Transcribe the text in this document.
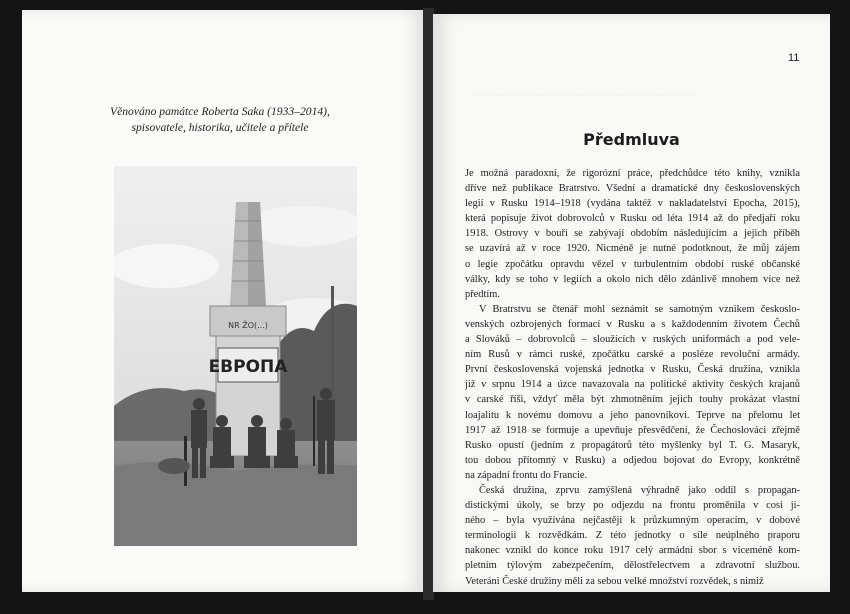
..........................................................................................
Věnováno památce Roberta Saka (1933–2014),
spisovatele, historika, učitele a přítele
ЕВРОПА
NR ŽO(...)
11
Předmluva
Je možná paradoxní, že rigorózní práce, předchůdce této knihy, vznikla
dříve než publikace Bratrstvo. Všední a dramatické dny československých
legií v Rusku 1914–1918 (vydána taktéž v nakladatelství Epocha, 2015),
která popisuje život dobrovolců v Rusku od léta 1914 až do předjaří roku
1918. Ostrovy v bouři se zabývají obdobím následujícím a jejich příběh
se uzavírá až v roce 1920. Nicméně je nutné podotknout, že můj zájem
o legie zpočátku opravdu vězel v turbulentním období ruské občanské
války, kdy se toho v legiích a okolo nich dělo zdánlivě mnohem více než
předtím.
V Bratrstvu se čtenář mohl seznámit se samotným vznikem českoslo-
venských ozbrojených formací v Rusku a s každodenním životem Čechů
a Slováků – dobrovolců – sloužících v ruských uniformách a pod vele-
ním Rusů v rámci ruské, zpočátku carské a posléze revoluční armády.
První československá vojenská jednotka v Rusku, Česká družina, vznikla
již v srpnu 1914 a úzce navazovala na politické aktivity českých krajanů
v carské říši, vždyť měla být zhmotněním jejich touhy prokázat vlastní
loajalitu k novému domovu a jeho panovníkovi. Teprve na přelomu let
1917 až 1918 se formuje a upevňuje přesvědčení, že Čechoslováci zřejmě
Rusko opustí (jedním z propagátorů této myšlenky byl T. G. Masaryk,
tou dobou přítomný v Rusku) a odjedou bojovat do Evropy, konkrétně
na západní frontu do Francie.
Česká družina, zprvu zamýšlená výhradně jako oddíl s propagan-
distickými úkoly, se brzy po odjezdu na frontu proměnila v cosi ji-
ného – byla využívána nejčastěji k průzkumným operacím, v dobové
terminologii k rozvědkám. Z této jednotky o síle neúplného praporu
nakonec vznikl do konce roku 1917 celý armádní sbor s víceméně kom-
pletním týlovým zabezpečením, dělostřelectvem a zdravotní službou.
Veteráni České družiny měli za sebou velké množství rozvědek, s nimiž
